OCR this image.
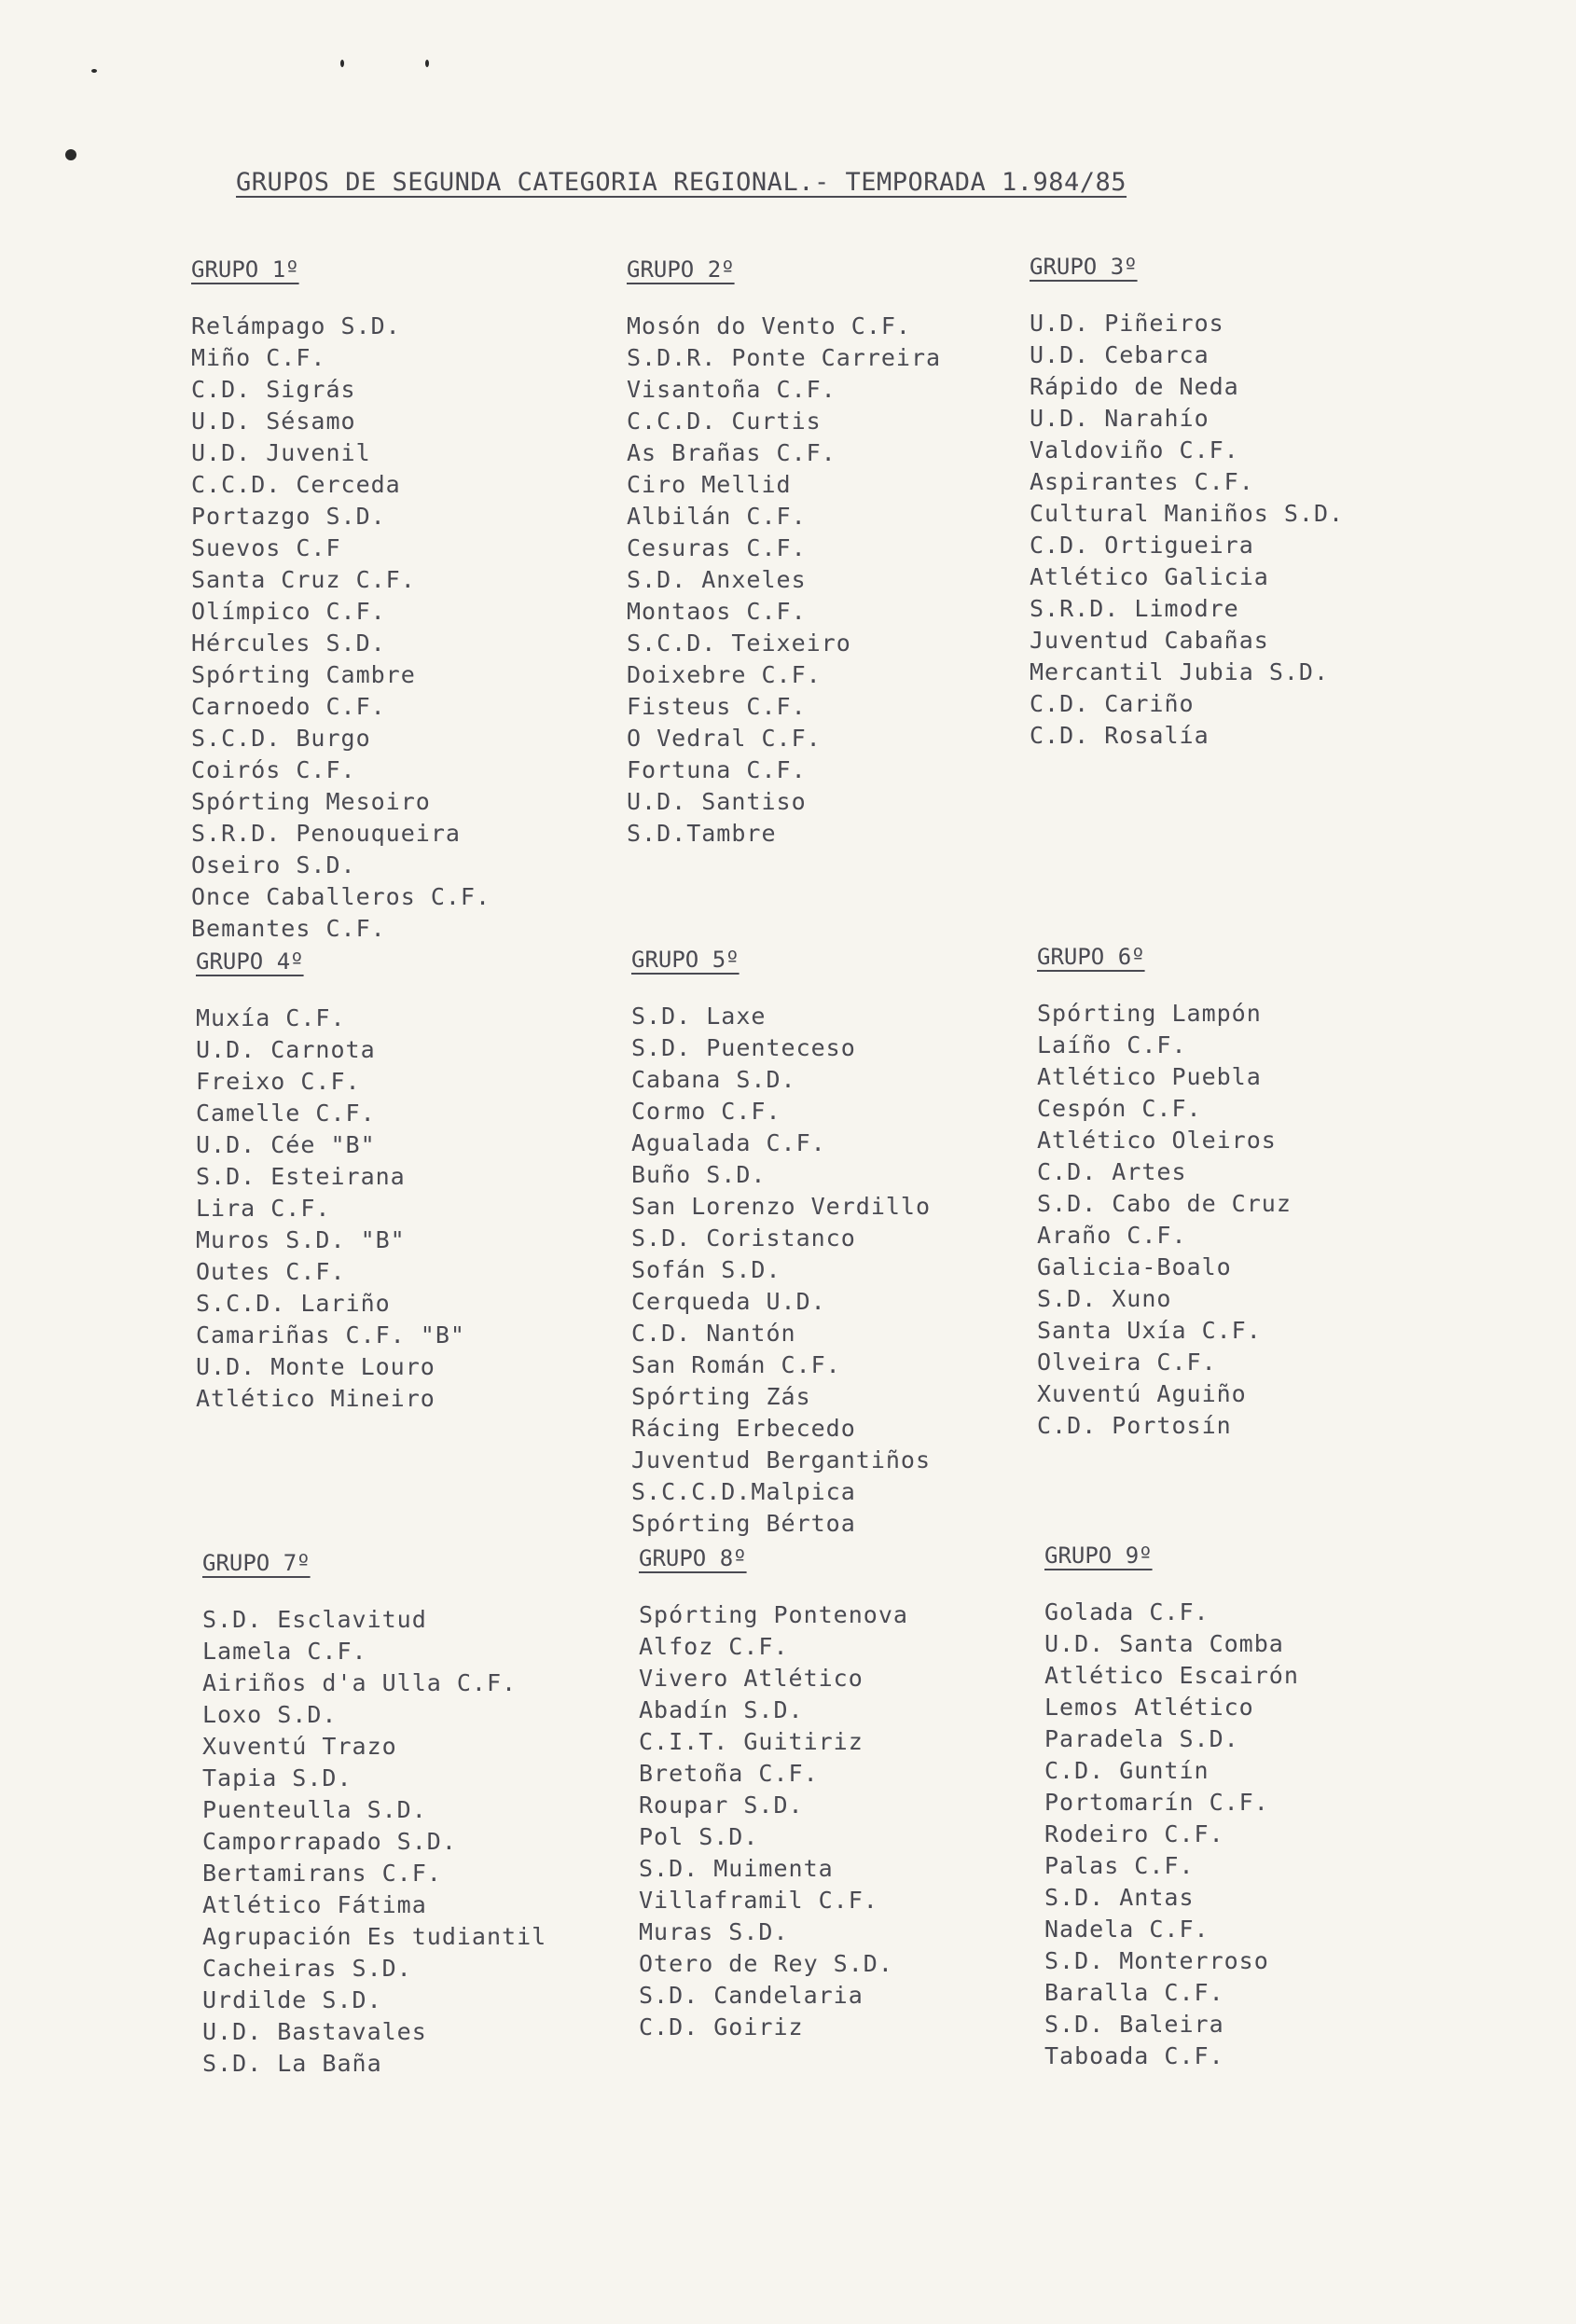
GRUPOS DE SEGUNDA CATEGORIA REGIONAL.- TEMPORADA 1.984/85
GRUPO 1º
Relámpago S.D.
Miño C.F.
C.D. Sigrás
U.D. Sésamo
U.D. Juvenil
C.C.D. Cerceda
Portazgo S.D.
Suevos C.F
Santa Cruz C.F.
Olímpico C.F.
Hércules S.D.
Spórting Cambre
Carnoedo C.F.
S.C.D. Burgo
Coirós C.F.
Spórting Mesoiro
S.R.D. Penouqueira
Oseiro S.D.
Once Caballeros C.F.
Bemantes C.F.
GRUPO 2º
Mosón do Vento C.F.
S.D.R. Ponte Carreira
Visantoña C.F.
C.C.D. Curtis
As Brañas C.F.
Ciro Mellid
Albilán C.F.
Cesuras C.F.
S.D. Anxeles
Montaos C.F.
S.C.D. Teixeiro
Doixebre C.F.
Fisteus C.F.
O Vedral C.F.
Fortuna C.F.
U.D. Santiso
S.D.Tambre
GRUPO 3º
U.D. Piñeiros
U.D. Cebarca
Rápido de Neda
U.D. Narahío
Valdoviño C.F.
Aspirantes C.F.
Cultural Maniños S.D.
C.D. Ortigueira
Atlético Galicia
S.R.D. Limodre
Juventud Cabañas
Mercantil Jubia S.D.
C.D. Cariño
C.D. Rosalía
GRUPO 4º
Muxía C.F.
U.D. Carnota
Freixo C.F.
Camelle C.F.
U.D. Cée "B"
S.D. Esteirana
Lira C.F.
Muros S.D. "B"
Outes C.F.
S.C.D. Lariño
Camariñas C.F. "B"
U.D. Monte Louro
Atlético Mineiro
GRUPO 5º
S.D. Laxe
S.D. Puenteceso
Cabana S.D.
Cormo C.F.
Agualada C.F.
Buño S.D.
San Lorenzo Verdillo
S.D. Coristanco
Sofán S.D.
Cerqueda U.D.
C.D. Nantón
San Román C.F.
Spórting Zás
Rácing Erbecedo
Juventud Bergantiños
S.C.C.D.Malpica
Spórting Bértoa
GRUPO 6º
Spórting Lampón
Laíño C.F.
Atlético Puebla
Cespón C.F.
Atlético Oleiros
C.D. Artes
S.D. Cabo de Cruz
Araño C.F.
Galicia-Boalo
S.D. Xuno
Santa Uxía C.F.
Olveira C.F.
Xuventú Aguiño
C.D. Portosín
GRUPO 7º
S.D. Esclavitud
Lamela C.F.
Airiños d'a Ulla C.F.
Loxo S.D.
Xuventú Trazo
Tapia S.D.
Puenteulla S.D.
Camporrapado S.D.
Bertamirans C.F.
Atlético Fátima
Agrupación Es tudiantil
Cacheiras S.D.
Urdilde S.D.
U.D. Bastavales
S.D. La Baña
GRUPO 8º
Spórting Pontenova
Alfoz C.F.
Vivero Atlético
Abadín S.D.
C.I.T. Guitiriz
Bretoña C.F.
Roupar S.D.
Pol S.D.
S.D. Muimenta
Villaframil C.F.
Muras S.D.
Otero de Rey S.D.
S.D. Candelaria
C.D. Goiriz
GRUPO 9º
Golada C.F.
U.D. Santa Comba
Atlético Escairón
Lemos Atlético
Paradela S.D.
C.D. Guntín
Portomarín C.F.
Rodeiro C.F.
Palas C.F.
S.D. Antas
Nadela C.F.
S.D. Monterroso
Baralla C.F.
S.D. Baleira
Taboada C.F.
